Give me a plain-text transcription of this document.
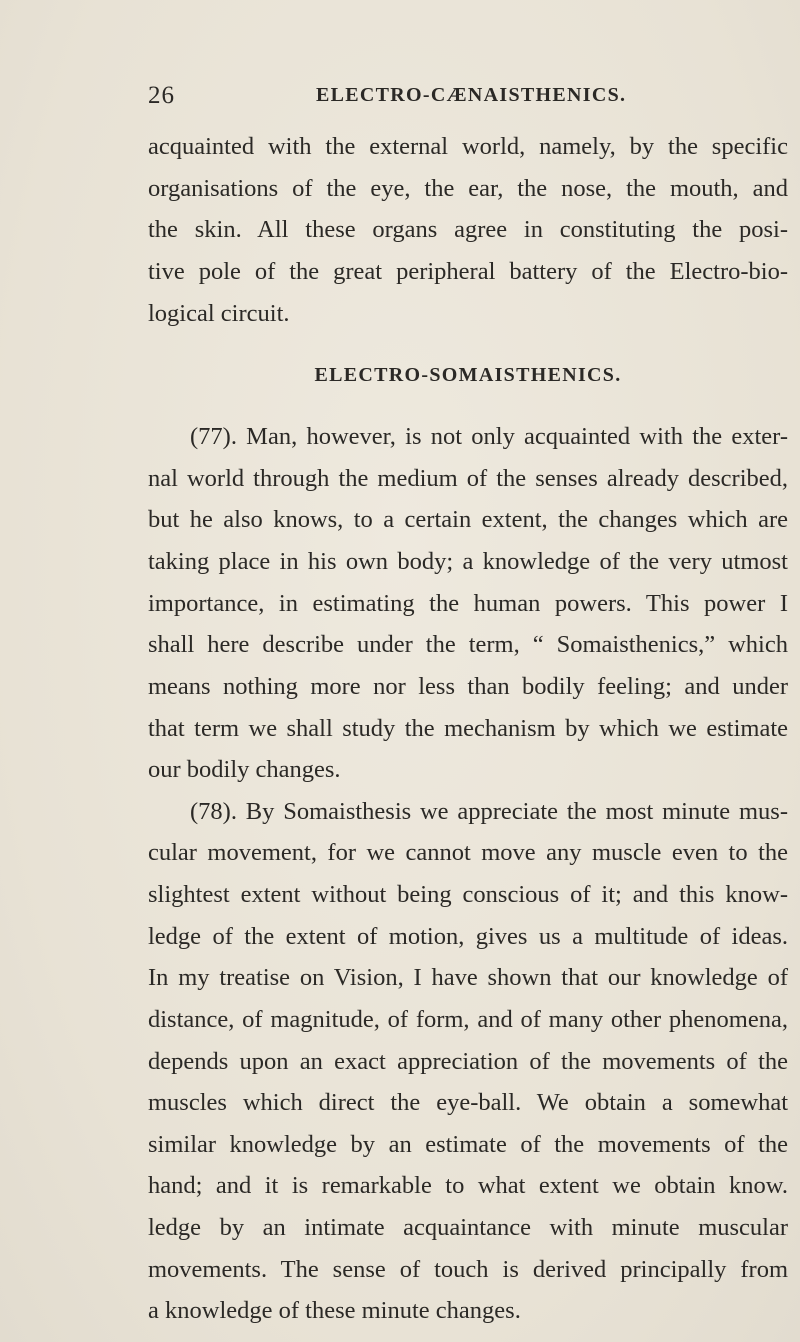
26	ELECTRO-CÆNAISTHENICS.
acquainted with the external world, namely, by the specific
organisations of the eye, the ear, the nose, the mouth, and
the skin. All these organs agree in constituting the posi-
tive pole of the great peripheral battery of the Electro-bio-
logical circuit.
ELECTRO-SOMAISTHENICS.
(77). Man, however, is not only acquainted with the exter-
nal world through the medium of the senses already described,
but he also knows, to a certain extent, the changes which are
taking place in his own body; a knowledge of the very utmost
importance, in estimating the human powers. This power I
shall here describe under the term, “ Somaisthenics,” which
means nothing more nor less than bodily feeling; and under
that term we shall study the mechanism by which we estimate
our bodily changes.
(78). By Somaisthesis we appreciate the most minute mus-
cular movement, for we cannot move any muscle even to the
slightest extent without being conscious of it; and this know-
ledge of the extent of motion, gives us a multitude of ideas.
In my treatise on Vision, I have shown that our knowledge of
distance, of magnitude, of form, and of many other phenomena,
depends upon an exact appreciation of the movements of the
muscles which direct the eye-ball. We obtain a somewhat
similar knowledge by an estimate of the movements of the
hand; and it is remarkable to what extent we obtain know.
ledge by an intimate acquaintance with minute muscular
movements. The sense of touch is derived principally from
a knowledge of these minute changes.
